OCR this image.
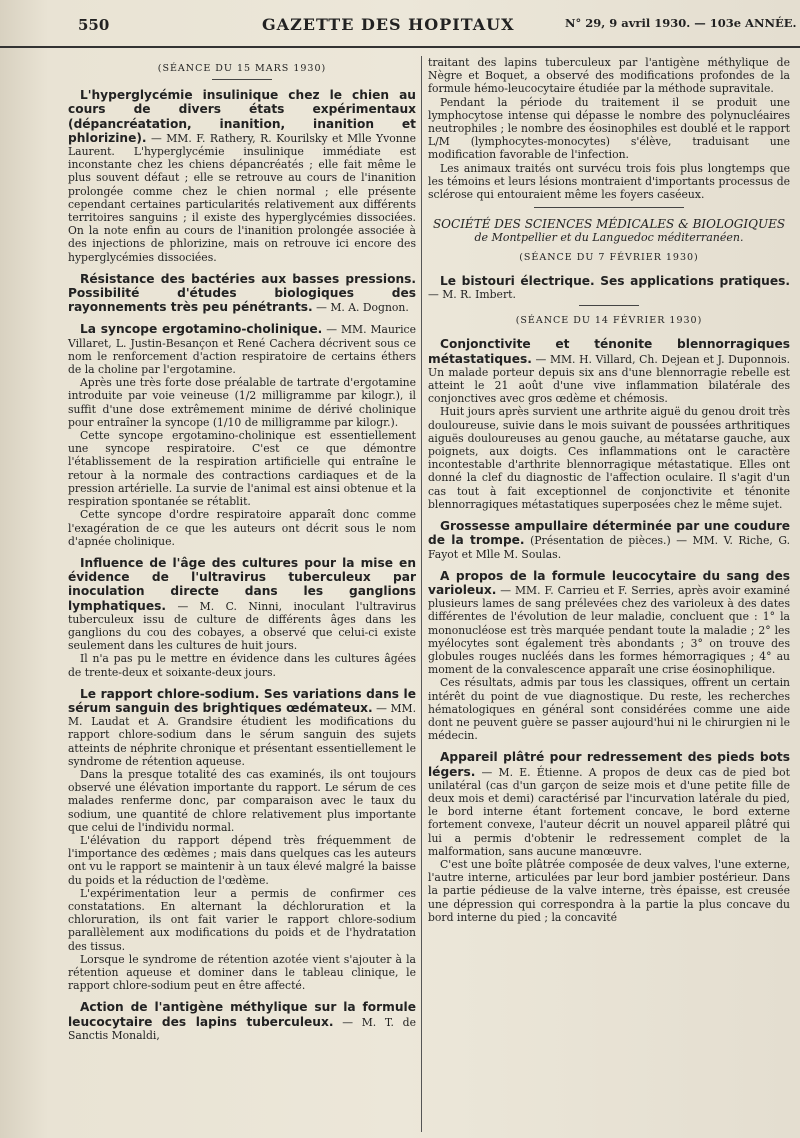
550	GAZETTE DES HOPITAUX	N° 29, 9 avril 1930. — 103e ANNÉE.

(SÉANCE DU 15 MARS 1930)

L'hyperglycémie insulinique chez le chien au cours de divers états expérimentaux (dépancréatation, inanition, inanition et phlorizine). — MM. F. Rathery, R. Kourilsky et Mlle Yvonne Laurent. L'hyperglycémie insulinique immédiate est inconstante chez les chiens dépancréatés ; elle fait même le plus souvent défaut ; elle se retrouve au cours de l'inanition prolongée comme chez le chien normal ; elle présente cependant certaines particularités relativement aux différents territoires sanguins ; il existe des hyperglycémies dissociées. On la note enfin au cours de l'inanition prolongée associée à des injections de phlorizine, mais on retrouve ici encore des hyperglycémies dissociées.

Résistance des bactéries aux basses pressions. Possibilité d'études biologiques des rayonnements très peu pénétrants. — M. A. Dognon.

La syncope ergotamino-cholinique. — MM. Maurice Villaret, L. Justin-Besançon et René Cachera décrivent sous ce nom le renforcement d'action respiratoire de certains éthers de la choline par l'ergotamine.

Après une très forte dose préalable de tartrate d'ergotamine introduite par voie veineuse (1/2 milligramme par kilogr.), il suffit d'une dose extrêmement minime de dérivé cholinique pour entraîner la syncope (1/10 de milligramme par kilogr.).

Cette syncope ergotamino-cholinique est essentiellement une syncope respiratoire. C'est ce que démontre l'établissement de la respiration artificielle qui entraîne le retour à la normale des contractions cardiaques et de la pression artérielle. La survie de l'animal est ainsi obtenue et la respiration spontanée se rétablit.

Cette syncope d'ordre respiratoire apparaît donc comme l'exagération de ce que les auteurs ont décrit sous le nom d'apnée cholinique.

Influence de l'âge des cultures pour la mise en évidence de l'ultravirus tuberculeux par inoculation directe dans les ganglions lymphatiques. — M. C. Ninni, inoculant l'ultravirus tuberculeux issu de culture de différents âges dans les ganglions du cou des cobayes, a observé que celui-ci existe seulement dans les cultures de huit jours.

Il n'a pas pu le mettre en évidence dans les cultures âgées de trente-deux et soixante-deux jours.

Le rapport chlore-sodium. Ses variations dans le sérum sanguin des brightiques œdémateux. — MM. M. Laudat et A. Grandsire étudient les modifications du rapport chlore-sodium dans le sérum sanguin des sujets atteints de néphrite chronique et présentant essentiellement le syndrome de rétention aqueuse.

Dans la presque totalité des cas examinés, ils ont toujours observé une élévation importante du rapport. Le sérum de ces malades renferme donc, par comparaison avec le taux du sodium, une quantité de chlore relativement plus importante que celui de l'individu normal.

L'élévation du rapport dépend très fréquemment de l'importance des œdèmes ; mais dans quelques cas les auteurs ont vu le rapport se maintenir à un taux élevé malgré la baisse du poids et la réduction de l'œdème.

L'expérimentation leur a permis de confirmer ces constatations. En alternant la déchloruration et la chloruration, ils ont fait varier le rapport chlore-sodium parallèlement aux modifications du poids et de l'hydratation des tissus.

Lorsque le syndrome de rétention azotée vient s'ajouter à la rétention aqueuse et dominer dans le tableau clinique, le rapport chlore-sodium peut en être affecté.

Action de l'antigène méthylique sur la formule leucocytaire des lapins tuberculeux. — M. T. de Sanctis Monaldi,

traitant des lapins tuberculeux par l'antigène méthylique de Nègre et Boquet, a observé des modifications profondes de la formule hémo-leucocytaire étudiée par la méthode supravitale.

Pendant la période du traitement il se produit une lymphocytose intense qui dépasse le nombre des polynucléaires neutrophiles ; le nombre des éosinophiles est doublé et le rapport L/M (lymphocytes-monocytes) s'élève, traduisant une modification favorable de l'infection.

Les animaux traités ont survécu trois fois plus longtemps que les témoins et leurs lésions montraient d'importants processus de sclérose qui entouraient même les foyers caséeux.

SOCIÉTÉ DES SCIENCES MÉDICALES & BIOLOGIQUES

de Montpellier et du Languedoc méditerranéen.

(SÉANCE DU 7 FÉVRIER 1930)

Le bistouri électrique. Ses applications pratiques. — M. R. Imbert.

(SÉANCE DU 14 FÉVRIER 1930)

Conjonctivite et ténonite blennorragiques métastatiques. — MM. H. Villard, Ch. Dejean et J. Duponnois. Un malade porteur depuis six ans d'une blennorragie rebelle est atteint le 21 août d'une vive inflammation bilatérale des conjonctives avec gros œdème et chémosis.

Huit jours après survient une arthrite aiguë du genou droit très douloureuse, suivie dans le mois suivant de poussées arthritiques aiguës douloureuses au genou gauche, au métatarse gauche, aux poignets, aux doigts. Ces inflammations ont le caractère incontestable d'arthrite blennorragique métastatique. Elles ont donné la clef du diagnostic de l'affection oculaire. Il s'agit d'un cas tout à fait exceptionnel de conjonctivite et ténonite blennorragiques métastatiques superposées chez le même sujet.

Grossesse ampullaire déterminée par une coudure de la trompe. (Présentation de pièces.) — MM. V. Riche, G. Fayot et Mlle M. Soulas.

A propos de la formule leucocytaire du sang des varioleux. — MM. F. Carrieu et F. Serries, après avoir examiné plusieurs lames de sang prélevées chez des varioleux à des dates différentes de l'évolution de leur maladie, concluent que : 1° la mononucléose est très marquée pendant toute la maladie ; 2° les myélocytes sont également très abondants ; 3° on trouve des globules rouges nucléés dans les formes hémorragiques ; 4° au moment de la convalescence apparaît une crise éosinophilique.

Ces résultats, admis par tous les classiques, offrent un certain intérêt du point de vue diagnostique. Du reste, les recherches hématologiques en général sont considérées comme une aide dont ne peuvent guère se passer aujourd'hui ni le chirurgien ni le médecin.

Appareil plâtré pour redressement des pieds bots légers. — M. E. Étienne. A propos de deux cas de pied bot unilatéral (cas d'un garçon de seize mois et d'une petite fille de deux mois et demi) caractérisé par l'incurvation latérale du pied, le bord interne étant fortement concave, le bord externe fortement convexe, l'auteur décrit un nouvel appareil plâtré qui lui a permis d'obtenir le redressement complet de la malformation, sans aucune manœuvre.

C'est une boîte plâtrée composée de deux valves, l'une externe, l'autre interne, articulées par leur bord jambier postérieur. Dans la partie pédieuse de la valve interne, très épaisse, est creusée une dépression qui correspondra à la partie la plus concave du bord interne du pied ; la concavité
